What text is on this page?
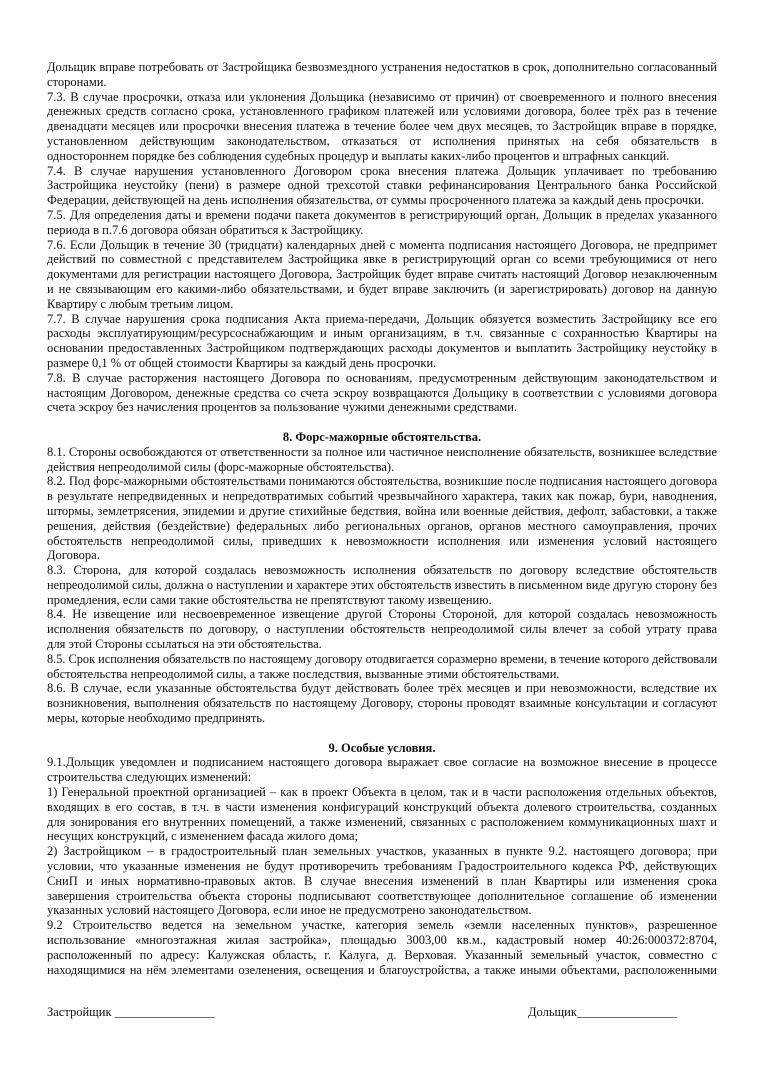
Дольщик вправе потребовать от Застройщика безвозмездного устранения недостатков в срок, дополнительно согласованный
сторонами.
7.3. В случае просрочки, отказа или уклонения Дольщика (независимо от причин) от своевременного и полного внесения
денежных средств согласно срока, установленного графиком платежей или условиями договора, более трёх раз в течение
двенадцати месяцев или просрочки внесения платежа в течение более чем двух месяцев, то Застройщик вправе в порядке,
установленном действующим законодательством, отказаться от исполнения принятых на себя обязательств в
одностороннем порядке без соблюдения судебных процедур и выплаты каких-либо процентов и штрафных санкций.
7.4. В случае нарушения установленного Договором срока внесения платежа Дольщик уплачивает по требованию
Застройщика неустойку (пени) в размере одной трехсотой ставки рефинансирования Центрального банка Российской
Федерации, действующей на день исполнения обязательства, от суммы просроченного платежа за каждый день просрочки.
7.5. Для определения даты и времени подачи пакета документов в регистрирующий орган, Дольщик в пределах указанного
периода в п.7.6 договора обязан обратиться к Застройщику.
7.6. Если Дольщик в течение 30 (тридцати) календарных дней с момента подписания настоящего Договора, не предпримет
действий по совместной с представителем Застройщика явке в регистрирующий орган со всеми требующимися от него
документами для регистрации настоящего Договора, Застройщик будет вправе считать настоящий Договор незаключенным
и не связывающим его какими-либо обязательствами, и будет вправе заключить (и зарегистрировать) договор на данную
Квартиру с любым третьим лицом.
7.7. В случае нарушения срока подписания Акта приема-передачи, Дольщик обязуется возместить Застройщику все его
расходы эксплуатирующим/ресурсоснабжающим и иным организациям, в т.ч. связанные с сохранностью Квартиры на
основании предоставленных Застройщиком подтверждающих расходы документов и выплатить Застройщику неустойку в
размере 0,1 % от общей стоимости Квартиры за каждый день просрочки.
7.8. В случае расторжения настоящего Договора по основаниям, предусмотренным действующим законодательством и
настоящим Договором, денежные средства со счета эскроу возвращаются Дольщику в соответствии с условиями договора
счета эскроу без начисления процентов за пользование чужими денежными средствами.
8. Форс-мажорные обстоятельства.
8.1. Стороны освобождаются от ответственности за полное или частичное неисполнение обязательств, возникшее вследствие
действия непреодолимой силы (форс-мажорные обстоятельства).
8.2. Под форс-мажорными обстоятельствами понимаются обстоятельства, возникшие после подписания настоящего договора
в результате непредвиденных и непредотвратимых событий чрезвычайного характера, таких как пожар, бури, наводнения,
штормы, землетрясения, эпидемии и другие стихийные бедствия, война или военные действия, дефолт, забастовки, а также
решения, действия (бездействие) федеральных либо региональных органов, органов местного самоуправления, прочих
обстоятельств непреодолимой силы, приведших к невозможности исполнения или изменения условий настоящего
Договора.
8.3. Сторона, для которой создалась невозможность исполнения обязательств по договору вследствие обстоятельств
непреодолимой силы, должна о наступлении и характере этих обстоятельств известить в письменном виде другую сторону без
промедления, если сами такие обстоятельства не препятствуют такому извещению.
8.4. Не извещение или несвоевременное извещение другой Стороны Стороной, для которой создалась невозможность
исполнения обязательств по договору, о наступлении обстоятельств непреодолимой силы влечет за собой утрату права
для этой Стороны ссылаться на эти обстоятельства.
8.5. Срок исполнения обязательств по настоящему договору отодвигается соразмерно времени, в течение которого действовали
обстоятельства непреодолимой силы, а также последствия, вызванные этими обстоятельствами.
8.6. В случае, если указанные обстоятельства будут действовать более трёх месяцев и при невозможности, вследствие их
возникновения, выполнения обязательств по настоящему Договору, стороны проводят взаимные консультации и согласуют
меры, которые необходимо предпринять.
9. Особые условия.
9.1.Дольщик уведомлен и подписанием настоящего договора выражает свое согласие на возможное внесение в процессе
строительства следующих изменений:
1) Генеральной проектной организацией – как в проект Объекта в целом, так и в части расположения отдельных объектов,
входящих в его состав, в т.ч. в части изменения конфигураций конструкций объекта долевого строительства, созданных
для зонирования его внутренних помещений, а также изменений, связанных с расположением коммуникационных шахт и
несущих конструкций, с изменением фасада жилого дома;
2) Застройщиком – в градостроительный план земельных участков, указанных в пункте 9.2. настоящего договора; при
условии, что указанные изменения не будут противоречить требованиям Градостроительного кодекса РФ, действующих
СниП и иных нормативно-правовых актов. В случае внесения изменений в план Квартиры или изменения срока
завершения строительства объекта стороны подписывают соответствующее дополнительное соглашение об изменении
указанных условий настоящего Договора, если иное не предусмотрено законодательством.
9.2 Строительство ведется на земельном участке, категория земель «земли населенных пунктов», разрешенное
использование «многоэтажная жилая застройка», площадью 3003,00 кв.м., кадастровый номер 40:26:000372:8704,
расположенный по адресу: Калужская область, г. Калуга, д. Верховая. Указанный земельный участок, совместно с
находящимися на нём элементами озеленения, освещения и благоустройства, а также иными объектами, расположенными
Застройщик ________________	Дольщик________________
